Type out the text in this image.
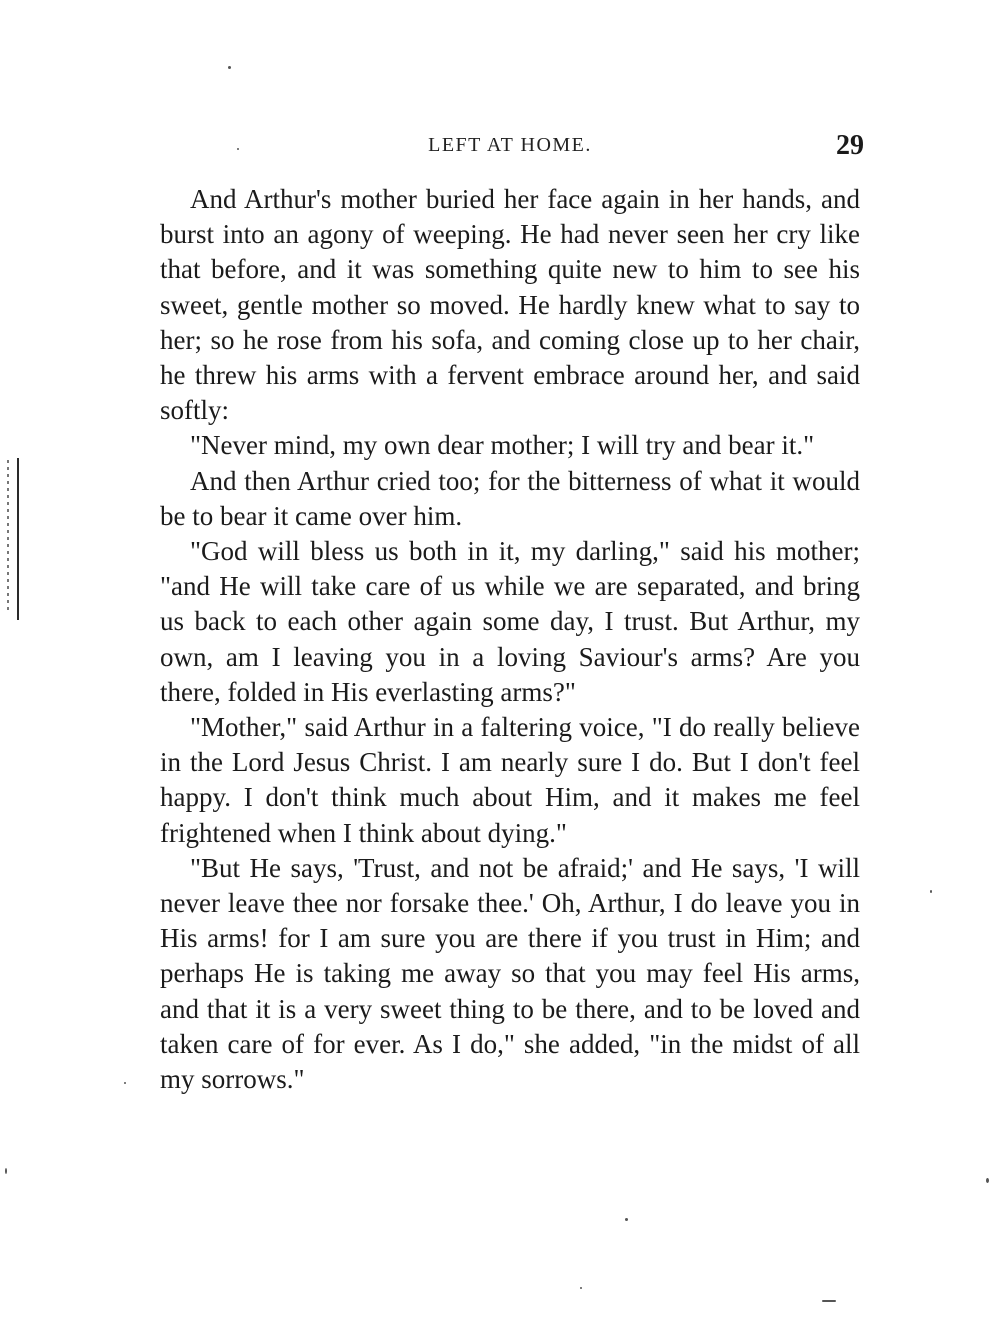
LEFT AT HOME.	29

And Arthur's mother buried her face again in her hands, and burst into an agony of weeping. He had never seen her cry like that before, and it was something quite new to him to see his sweet, gentle mother so moved. He hardly knew what to say to her; so he rose from his sofa, and coming close up to her chair, he threw his arms with a fervent embrace around her, and said softly:

"Never mind, my own dear mother; I will try and bear it."

And then Arthur cried too; for the bitterness of what it would be to bear it came over him.

"God will bless us both in it, my darling," said his mother; "and He will take care of us while we are separated, and bring us back to each other again some day, I trust. But Arthur, my own, am I leaving you in a loving Saviour's arms? Are you there, folded in His everlasting arms?"

"Mother," said Arthur in a faltering voice, "I do really believe in the Lord Jesus Christ. I am nearly sure I do. But I don't feel happy. I don't think much about Him, and it makes me feel frightened when I think about dying."

"But He says, 'Trust, and not be afraid;' and He says, 'I will never leave thee nor forsake thee.' Oh, Arthur, I do leave you in His arms! for I am sure you are there if you trust in Him; and perhaps He is taking me away so that you may feel His arms, and that it is a very sweet thing to be there, and to be loved and taken care of for ever. As I do," she added, "in the midst of all my sorrows."
